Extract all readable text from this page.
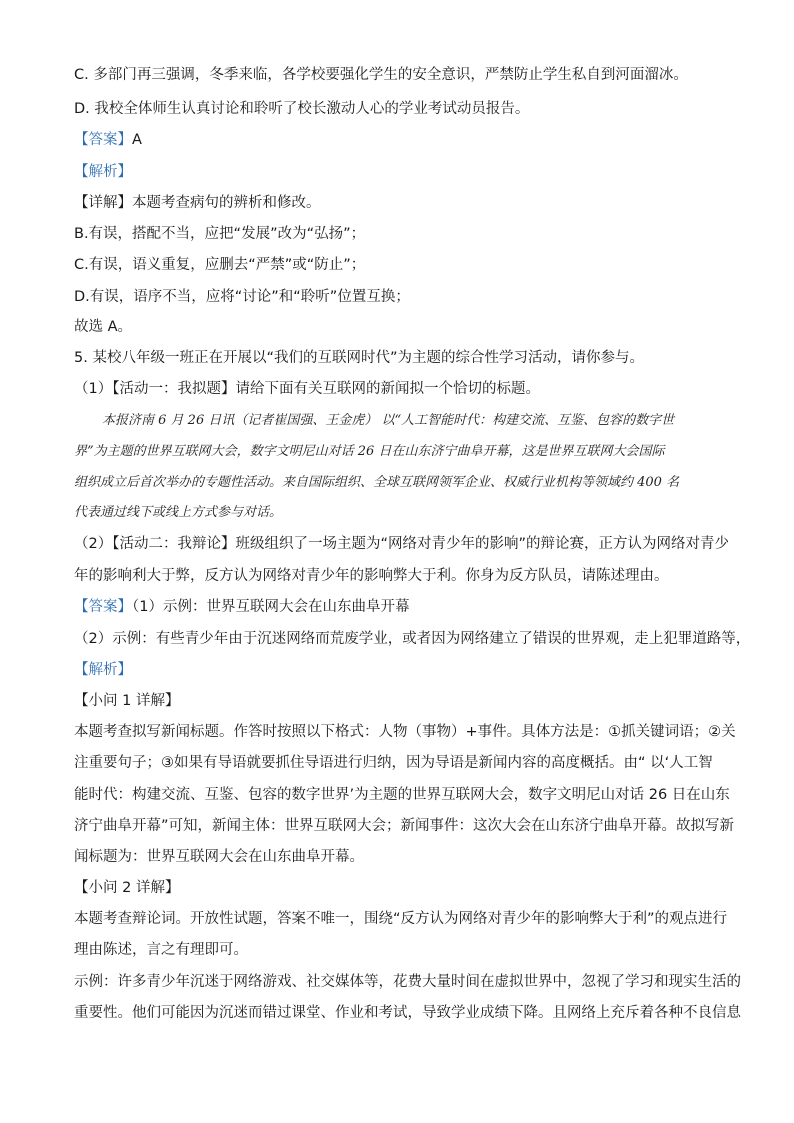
C. 多部门再三强调，冬季来临，各学校要强化学生的安全意识，严禁防止学生私自到河面溜冰。
D. 我校全体师生认真讨论和聆听了校长激动人心的学业考试动员报告。
【答案】A
【解析】
【详解】本题考查病句的辨析和修改。
B.有误，搭配不当，应把“发展”改为“弘扬”；
C.有误，语义重复，应删去“严禁”或“防止”；
D.有误，语序不当，应将“讨论”和“聆听”位置互换；
故选 A。
5. 某校八年级一班正在开展以“我们的互联网时代”为主题的综合性学习活动，请你参与。
（1）【活动一：我拟题】请给下面有关互联网的新闻拟一个恰切的标题。
本报济南 6 月 26 日讯（记者崔国强、王金虎） 以“人工智能时代：构建交流、互鉴、包容的数字世
界”为主题的世界互联网大会，数字文明尼山对话 26 日在山东济宁曲阜开幕，这是世界互联网大会国际
组织成立后首次举办的专题性活动。来自国际组织、全球互联网领军企业、权威行业机构等领域约 400 名
代表通过线下或线上方式参与对话。
（2）【活动二：我辩论】班级组织了一场主题为“网络对青少年的影响”的辩论赛，正方认为网络对青少
年的影响利大于弊，反方认为网络对青少年的影响弊大于利。你身为反方队员，请陈述理由。
【答案】（1）示例：世界互联网大会在山东曲阜开幕
（2）示例：有些青少年由于沉迷网络而荒废学业，或者因为网络建立了错误的世界观，走上犯罪道路等，
【解析】
【小问 1 详解】
本题考查拟写新闻标题。作答时按照以下格式：人物（事物）+事件。具体方法是：①抓关键词语；②关
注重要句子；③如果有导语就要抓住导语进行归纳，因为导语是新闻内容的高度概括。由“ 以‘人工智
能时代：构建交流、互鉴、包容的数字世界’为主题的世界互联网大会，数字文明尼山对话 26 日在山东
济宁曲阜开幕”可知，新闻主体：世界互联网大会；新闻事件：这次大会在山东济宁曲阜开幕。故拟写新
闻标题为：世界互联网大会在山东曲阜开幕。
【小问 2 详解】
本题考查辩论词。开放性试题，答案不唯一，围绕“反方认为网络对青少年的影响弊大于利”的观点进行
理由陈述，言之有理即可。
示例：许多青少年沉迷于网络游戏、社交媒体等，花费大量时间在虚拟世界中，忽视了学习和现实生活的
重要性。他们可能因为沉迷而错过课堂、作业和考试，导致学业成绩下降。且网络上充斥着各种不良信息
